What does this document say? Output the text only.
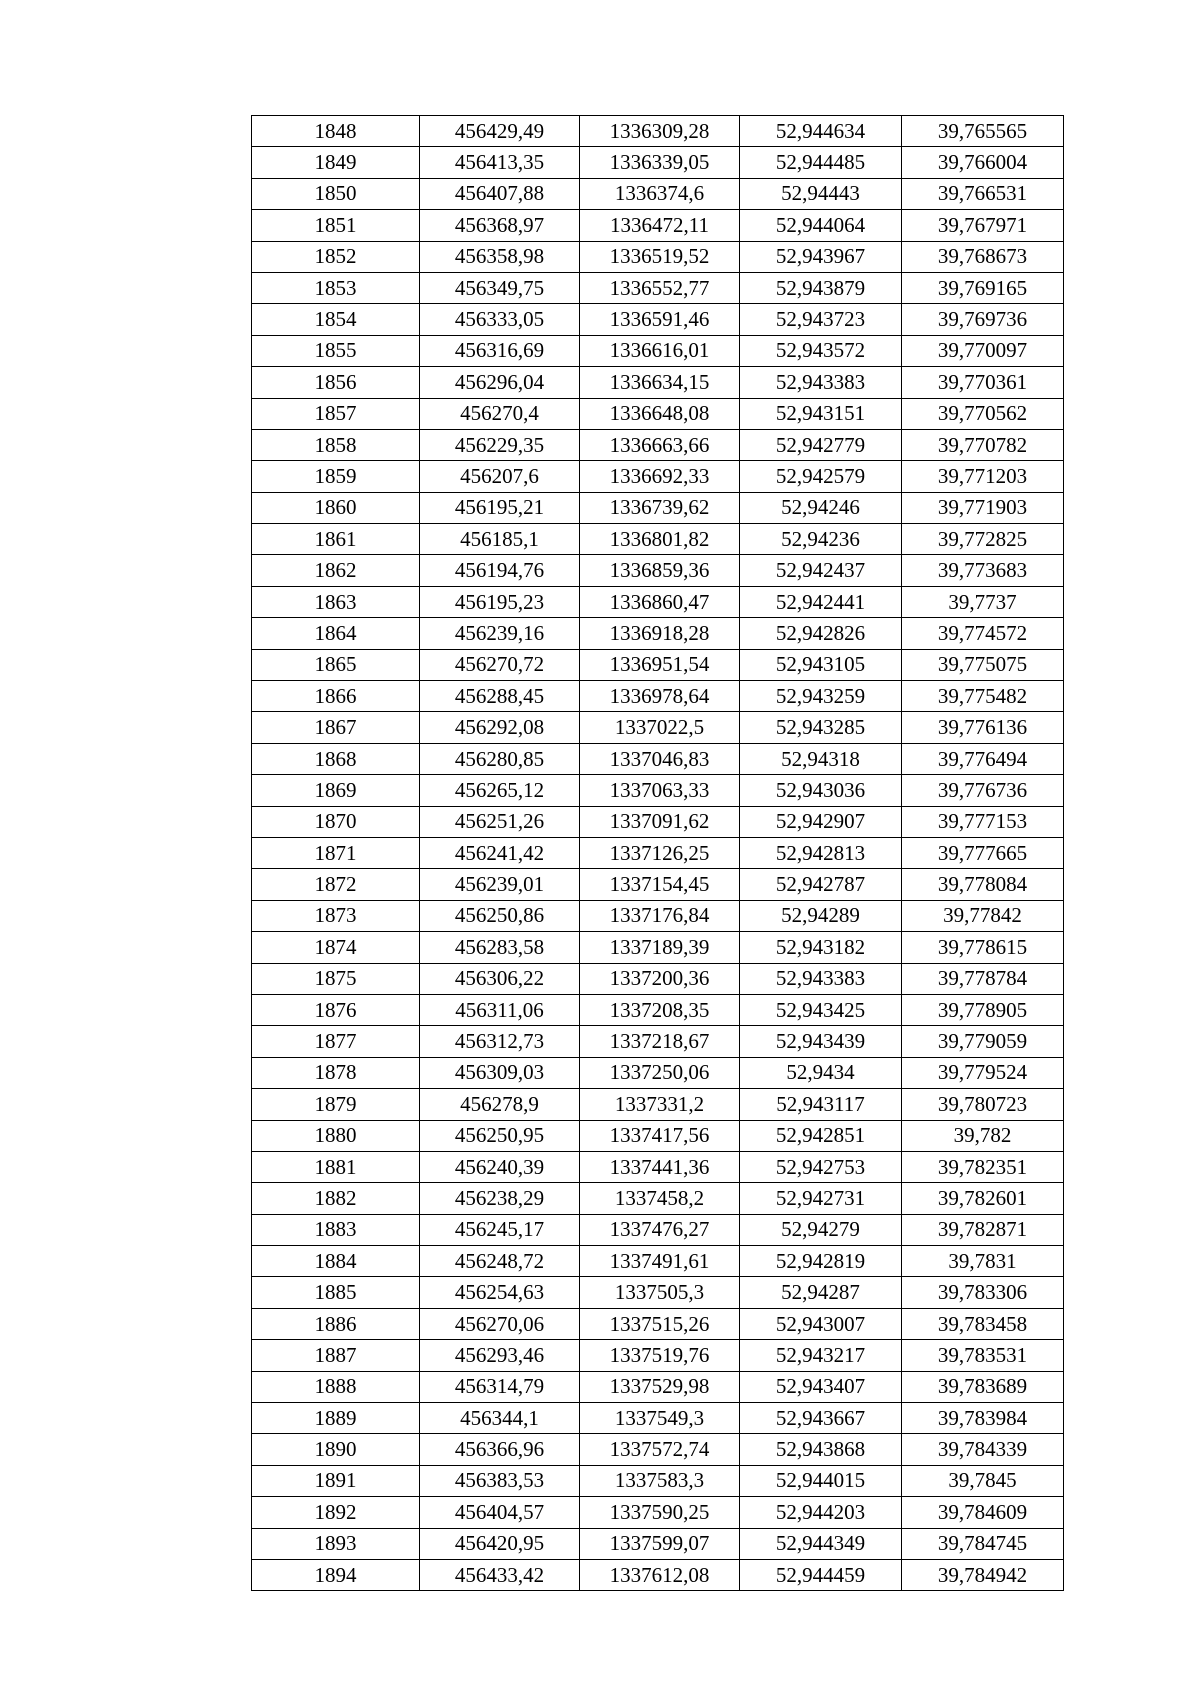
1848	456429,49	1336309,28	52,944634	39,765565
1849	456413,35	1336339,05	52,944485	39,766004
1850	456407,88	1336374,6	52,94443	39,766531
1851	456368,97	1336472,11	52,944064	39,767971
1852	456358,98	1336519,52	52,943967	39,768673
1853	456349,75	1336552,77	52,943879	39,769165
1854	456333,05	1336591,46	52,943723	39,769736
1855	456316,69	1336616,01	52,943572	39,770097
1856	456296,04	1336634,15	52,943383	39,770361
1857	456270,4	1336648,08	52,943151	39,770562
1858	456229,35	1336663,66	52,942779	39,770782
1859	456207,6	1336692,33	52,942579	39,771203
1860	456195,21	1336739,62	52,94246	39,771903
1861	456185,1	1336801,82	52,94236	39,772825
1862	456194,76	1336859,36	52,942437	39,773683
1863	456195,23	1336860,47	52,942441	39,7737
1864	456239,16	1336918,28	52,942826	39,774572
1865	456270,72	1336951,54	52,943105	39,775075
1866	456288,45	1336978,64	52,943259	39,775482
1867	456292,08	1337022,5	52,943285	39,776136
1868	456280,85	1337046,83	52,94318	39,776494
1869	456265,12	1337063,33	52,943036	39,776736
1870	456251,26	1337091,62	52,942907	39,777153
1871	456241,42	1337126,25	52,942813	39,777665
1872	456239,01	1337154,45	52,942787	39,778084
1873	456250,86	1337176,84	52,94289	39,77842
1874	456283,58	1337189,39	52,943182	39,778615
1875	456306,22	1337200,36	52,943383	39,778784
1876	456311,06	1337208,35	52,943425	39,778905
1877	456312,73	1337218,67	52,943439	39,779059
1878	456309,03	1337250,06	52,9434	39,779524
1879	456278,9	1337331,2	52,943117	39,780723
1880	456250,95	1337417,56	52,942851	39,782
1881	456240,39	1337441,36	52,942753	39,782351
1882	456238,29	1337458,2	52,942731	39,782601
1883	456245,17	1337476,27	52,94279	39,782871
1884	456248,72	1337491,61	52,942819	39,7831
1885	456254,63	1337505,3	52,94287	39,783306
1886	456270,06	1337515,26	52,943007	39,783458
1887	456293,46	1337519,76	52,943217	39,783531
1888	456314,79	1337529,98	52,943407	39,783689
1889	456344,1	1337549,3	52,943667	39,783984
1890	456366,96	1337572,74	52,943868	39,784339
1891	456383,53	1337583,3	52,944015	39,7845
1892	456404,57	1337590,25	52,944203	39,784609
1893	456420,95	1337599,07	52,944349	39,784745
1894	456433,42	1337612,08	52,944459	39,784942
